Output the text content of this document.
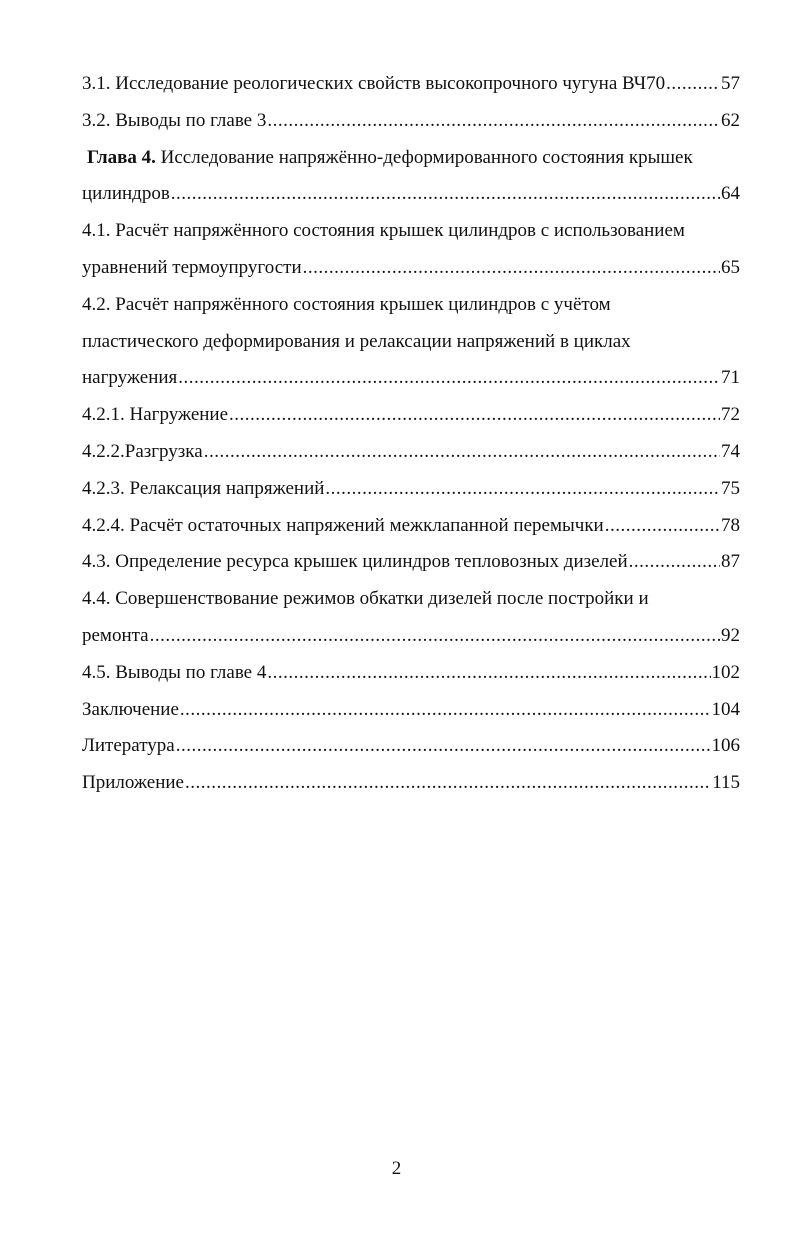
3.1. Исследование реологических свойств высокопрочного чугуна ВЧ70 .....	57
3.2. Выводы по главе 3 .....	62
Глава 4. Исследование напряжённо-деформированного состояния крышек
цилиндров .....	64
4.1. Расчёт напряжённого состояния крышек цилиндров с использованием
уравнений термоупругости .....	65
4.2. Расчёт напряжённого состояния крышек цилиндров с учётом
пластического деформирования и релаксации напряжений в циклах
нагружения .....	71
4.2.1. Нагружение .....	72
4.2.2.Разгрузка .....	74
4.2.3. Релаксация напряжений .....	75
4.2.4. Расчёт остаточных напряжений межклапанной перемычки .....	78
4.3. Определение ресурса крышек цилиндров тепловозных дизелей .....	87
4.4. Совершенствование режимов обкатки дизелей после постройки и
ремонта .....	92
4.5. Выводы по главе 4 .....	102
Заключение .....	104
Литература .....	106
Приложение .....	115
2
